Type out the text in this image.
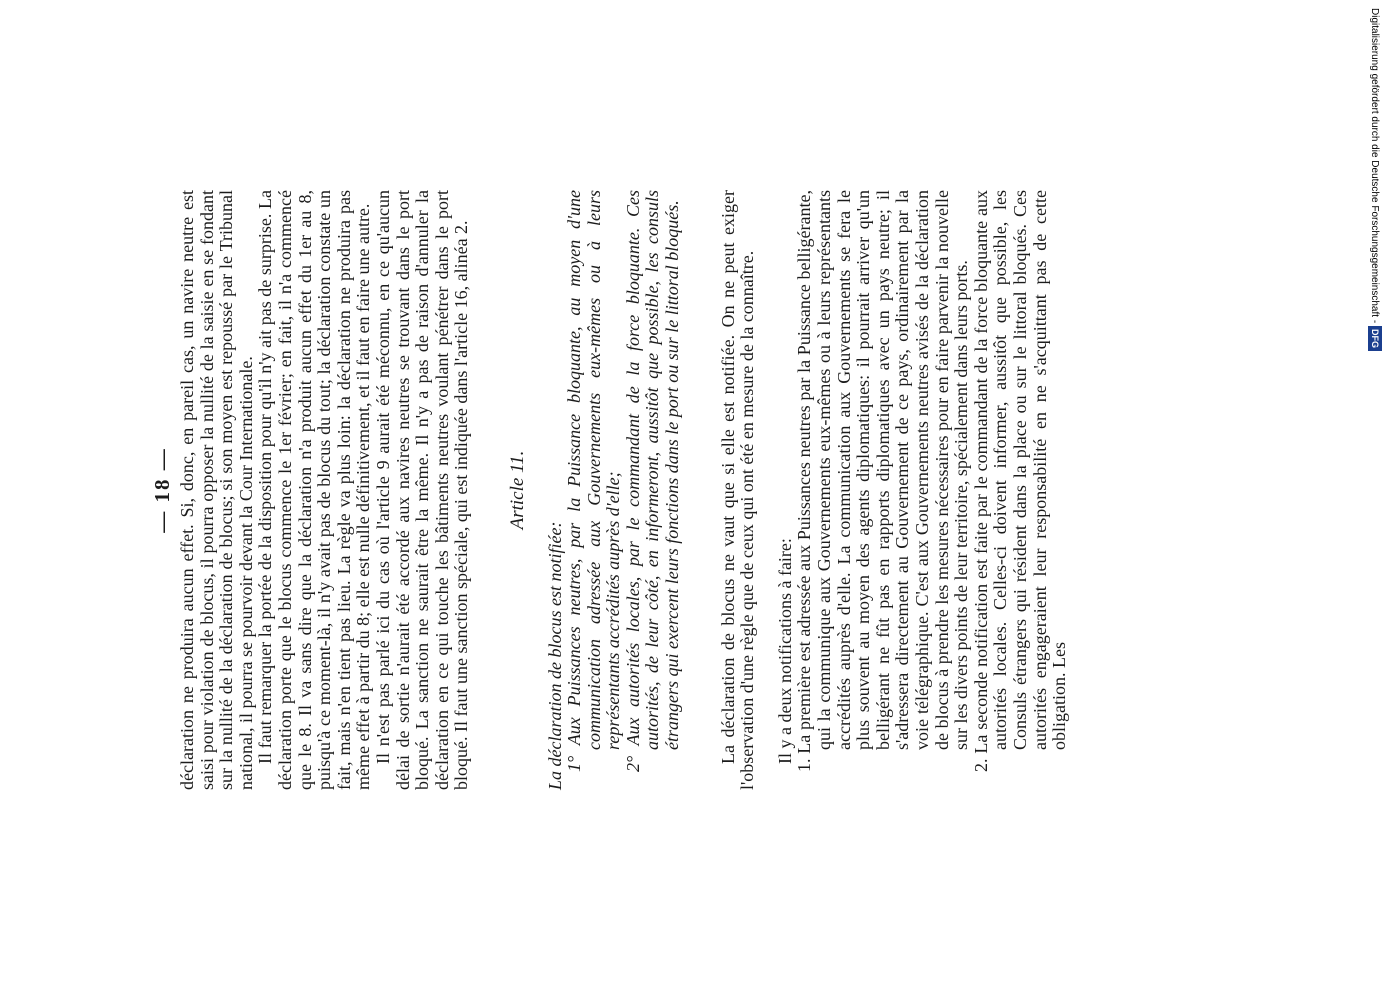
— 18 — déclaration ne produira aucun effet. Si, donc, en pareil cas, un navire neutre est saisi pour violation de blocus, il pourra opposer la nullité de la saisie en se fondant sur la nullité de la déclaration de blocus; si son moyen est repoussé par le Tribunal national, il pourra se pourvoir devant la Cour Internationale. Il faut remarquer la portée de la disposition pour qu'il n'y ait pas de surprise. La déclaration porte que le blocus commence le 1er février; en fait, il n'a commencé que le 8. Il va sans dire que la déclaration n'a produit aucun effet du 1er au 8, puisqu'à ce moment-là, il n'y avait pas de blocus du tout; la déclaration constate un fait, mais n'en tient pas lieu. La règle va plus loin: la déclaration ne produira pas même effet à partir du 8; elle est nulle définitivement, et il faut en faire une autre. Il n'est pas parlé ici du cas où l'article 9 aurait été méconnu, en ce qu'aucun délai de sortie n'aurait été accordé aux navires neutres se trouvant dans le port bloqué. La sanction ne saurait être la même. Il n'y a pas de raison d'annuler la déclaration en ce qui touche les bâtiments neutres voulant pénétrer dans le port bloqué. Il faut une sanction spéciale, qui est indiquée dans l'article 16, alinéa 2. Article 11.

La déclaration de blocus est notifiée: 1° Aux Puissances neutres, par la Puissance bloquante, au moyen d'une communication adressée aux Gouvernements eux-mêmes ou à leurs représentants accrédités auprès d'elle;

2° Aux autorités locales, par le commandant de la force bloquante. Ces autorités, de leur côté, en informeront, aussitôt que possible, les consuls étrangers qui exercent leurs fonctions dans le port ou sur le littoral bloqués. La déclaration de blocus ne vaut que si elle est notifiée. On ne peut exiger l'observation d'une règle que de ceux qui ont été en mesure de la connaître. Il y a deux notifications à faire:

1. La première est adressée aux Puissances neutres par la Puissance belligérante, qui la communique aux Gouvernements eux-mêmes ou à leurs représentants accrédités auprès d'elle. La communication aux Gouvernements se fera le plus souvent au moyen des agents diplomatiques: il pourrait arriver qu'un belligérant ne fût pas en rapports diplomatiques avec un pays neutre; il s'adressera directement au Gouvernement de ce pays, ordinairement par la voie télégraphique. C'est aux Gouvernements neutres avisés de la déclaration de blocus à prendre les mesures nécessaires pour en faire parvenir la nouvelle sur les divers points de leur territoire, spécialement dans leurs ports.

2. La seconde notification est faite par le commandant de la force bloquante aux autorités locales. Celles-ci doivent informer, aussitôt que possible, les Consuls étrangers qui résident dans la place ou sur le littoral bloqués. Ces autorités engageraient leur responsabilité en ne s'acquittant pas de cette obligation. Les

Digitalisierung gefördert durch die Deutsche Forschungsgemeinschaft - DFG
